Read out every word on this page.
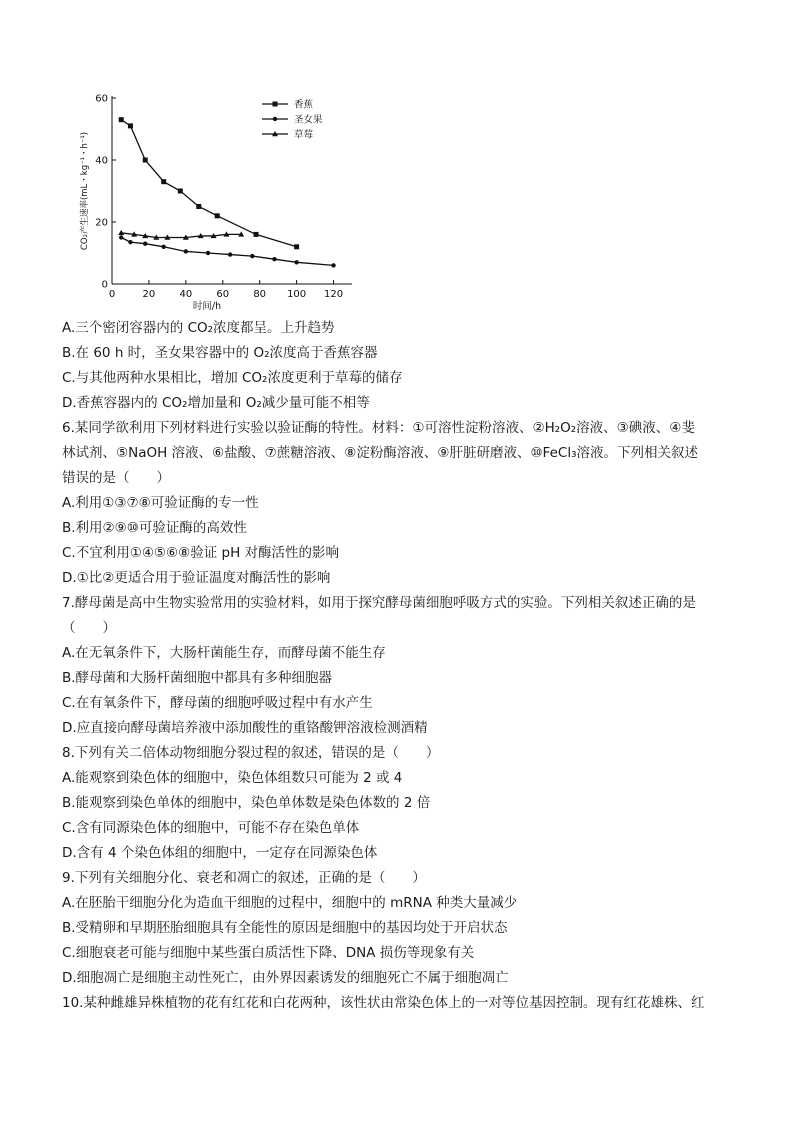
0
20
40
60
0	20 40 60 80 100 120
时间/h
CO₂产生速率(mL・kg⁻¹・h⁻¹)
香蕉
圣女果
草莓
A.三个密闭容器内的 CO₂浓度都呈。上升趋势
B.在 60 h 时，圣女果容器中的 O₂浓度高于香蕉容器
C.与其他两种水果相比，增加 CO₂浓度更利于草莓的储存
D.香蕉容器内的 CO₂增加量和 O₂减少量可能不相等
6.某同学欲利用下列材料进行实验以验证酶的特性。材料：①可溶性淀粉溶液、②H₂O₂溶液、③碘液、④斐
林试剂、⑤NaOH 溶液、⑥盐酸、⑦蔗糖溶液、⑧淀粉酶溶液、⑨肝脏研磨液、⑩FeCl₃溶液。下列相关叙述
错误的是（　　）
A.利用①③⑦⑧可验证酶的专一性
B.利用②⑨⑩可验证酶的高效性
C.不宜利用①④⑤⑥⑧验证 pH 对酶活性的影响
D.①比②更适合用于验证温度对酶活性的影响
7.酵母菌是高中生物实验常用的实验材料，如用于探究酵母菌细胞呼吸方式的实验。下列相关叙述正确的是
（　　）
A.在无氧条件下，大肠杆菌能生存，而酵母菌不能生存
B.酵母菌和大肠杆菌细胞中都具有多种细胞器
C.在有氧条件下，酵母菌的细胞呼吸过程中有水产生
D.应直接向酵母菌培养液中添加酸性的重铬酸钾溶液检测酒精
8.下列有关二倍体动物细胞分裂过程的叙述，错误的是（　　）
A.能观察到染色体的细胞中，染色体组数只可能为 2 或 4
B.能观察到染色单体的细胞中，染色单体数是染色体数的 2 倍
C.含有同源染色体的细胞中，可能不存在染色单体
D.含有 4 个染色体组的细胞中，一定存在同源染色体
9.下列有关细胞分化、衰老和凋亡的叙述，正确的是（　　）
A.在胚胎干细胞分化为造血干细胞的过程中，细胞中的 mRNA 种类大量减少
B.受精卵和早期胚胎细胞具有全能性的原因是细胞中的基因均处于开启状态
C.细胞衰老可能与细胞中某些蛋白质活性下降、DNA 损伤等现象有关
D.细胞凋亡是细胞主动性死亡，由外界因素诱发的细胞死亡不属于细胞凋亡
10.某种雌雄异株植物的花有红花和白花两种，该性状由常染色体上的一对等位基因控制。现有红花雄株、红
